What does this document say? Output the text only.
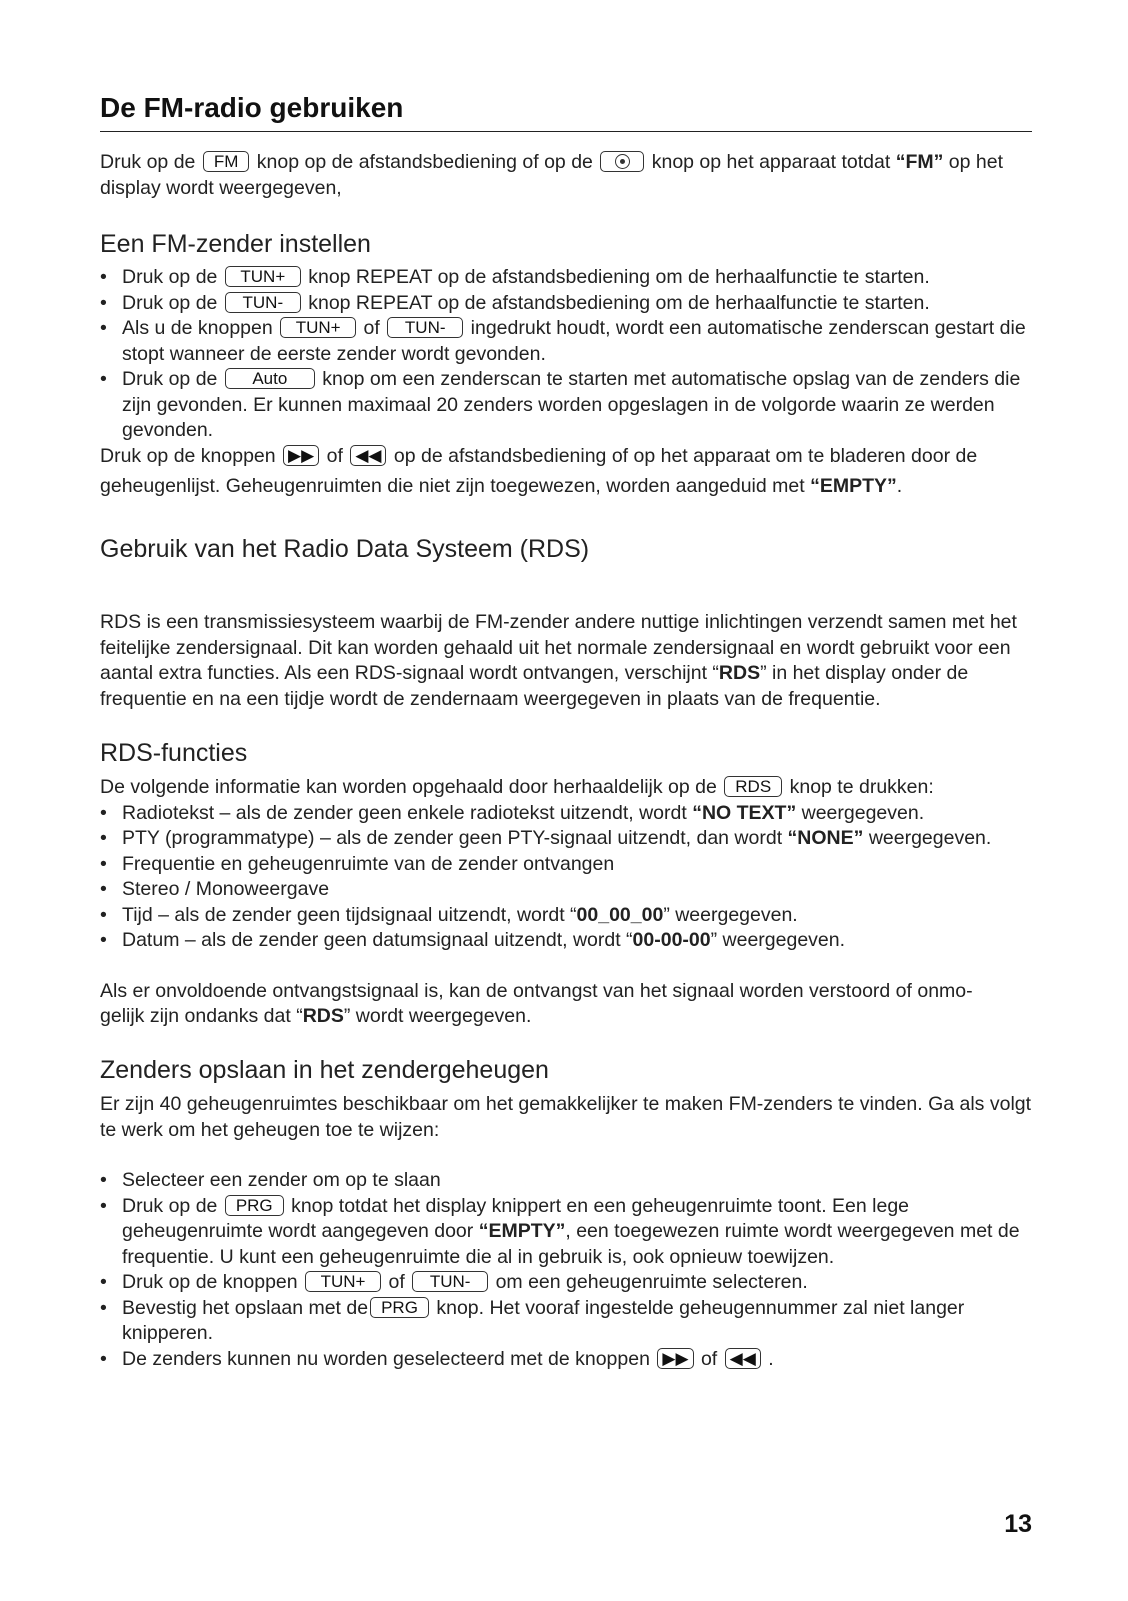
De FM-radio gebruiken

Druk op de FM knop op de afstandsbediening of op de	knop op het apparaat totdat “FM” op het display wordt weergegeven,

Een FM-zender instellen
• Druk op de TUN+ knop REPEAT op de afstandsbediening om de herhaalfunctie te starten.
• Druk op de TUN- knop REPEAT op de afstandsbediening om de herhaalfunctie te starten.
• Als u de knoppen TUN+ of TUN- ingedrukt houdt, wordt een automatische zenderscan gestart die stopt wanneer de eerste zender wordt gevonden.
• Druk op de Auto knop om een zenderscan te starten met automatische opslag van de zenders die zijn gevonden. Er kunnen maximaal 20 zenders worden opgeslagen in de volgorde waarin ze werden gevonden.

Druk op de knoppen ▶▶ of ◀◀ op de afstandsbediening of op het apparaat om te bladeren door de

geheugenlijst. Geheugenruimten die niet zijn toegewezen, worden aangeduid met “EMPTY”.

Gebruik van het Radio Data Systeem (RDS)

RDS is een transmissiesysteem waarbij de FM-zender andere nuttige inlichtingen verzendt samen met het feitelijke zendersignaal. Dit kan worden gehaald uit het normale zendersignaal en wordt gebruikt voor een aantal extra functies. Als een RDS-signaal wordt ontvangen, verschijnt “RDS” in het display onder de frequentie en na een tijdje wordt de zendernaam weergegeven in plaats van de frequentie.

RDS-functies

De volgende informatie kan worden opgehaald door herhaaldelijk op de RDS knop te drukken:

• Radiotekst – als de zender geen enkele radiotekst uitzendt, wordt “NO TEXT” weergegeven.
• PTY (programmatype) – als de zender geen PTY-signaal uitzendt, dan wordt “NONE” weergegeven.
• Frequentie en geheugenruimte van de zender ontvangen
• Stereo / Monoweergave
• Tijd – als de zender geen tijdsignaal uitzendt, wordt “00_00_00” weergegeven.
• Datum – als de zender geen datumsignaal uitzendt, wordt “00-00-00” weergegeven.

Als er onvoldoende ontvangstsignaal is, kan de ontvangst van het signaal worden verstoord of onmo-
gelijk zijn ondanks dat “RDS” wordt weergegeven.

Zenders opslaan in het zendergeheugen

Er zijn 40 geheugenruimtes beschikbaar om het gemakkelijker te maken FM-zenders te vinden. Ga als volgt te werk om het geheugen toe te wijzen:

• Selecteer een zender om op te slaan
• Druk op de PRG knop totdat het display knippert en een geheugenruimte toont. Een lege geheugenruimte wordt aangegeven door “EMPTY”, een toegewezen ruimte wordt weergegeven met de frequentie. U kunt een geheugenruimte die al in gebruik is, ook opnieuw toewijzen.
• Druk op de knoppen TUN+ of TUN- om een geheugenruimte selecteren.
• Bevestig het opslaan met de PRG knop. Het vooraf ingestelde geheugennummer zal niet langer knipperen.
• De zenders kunnen nu worden geselecteerd met de knoppen ▶▶ of ◀◀ .
13
